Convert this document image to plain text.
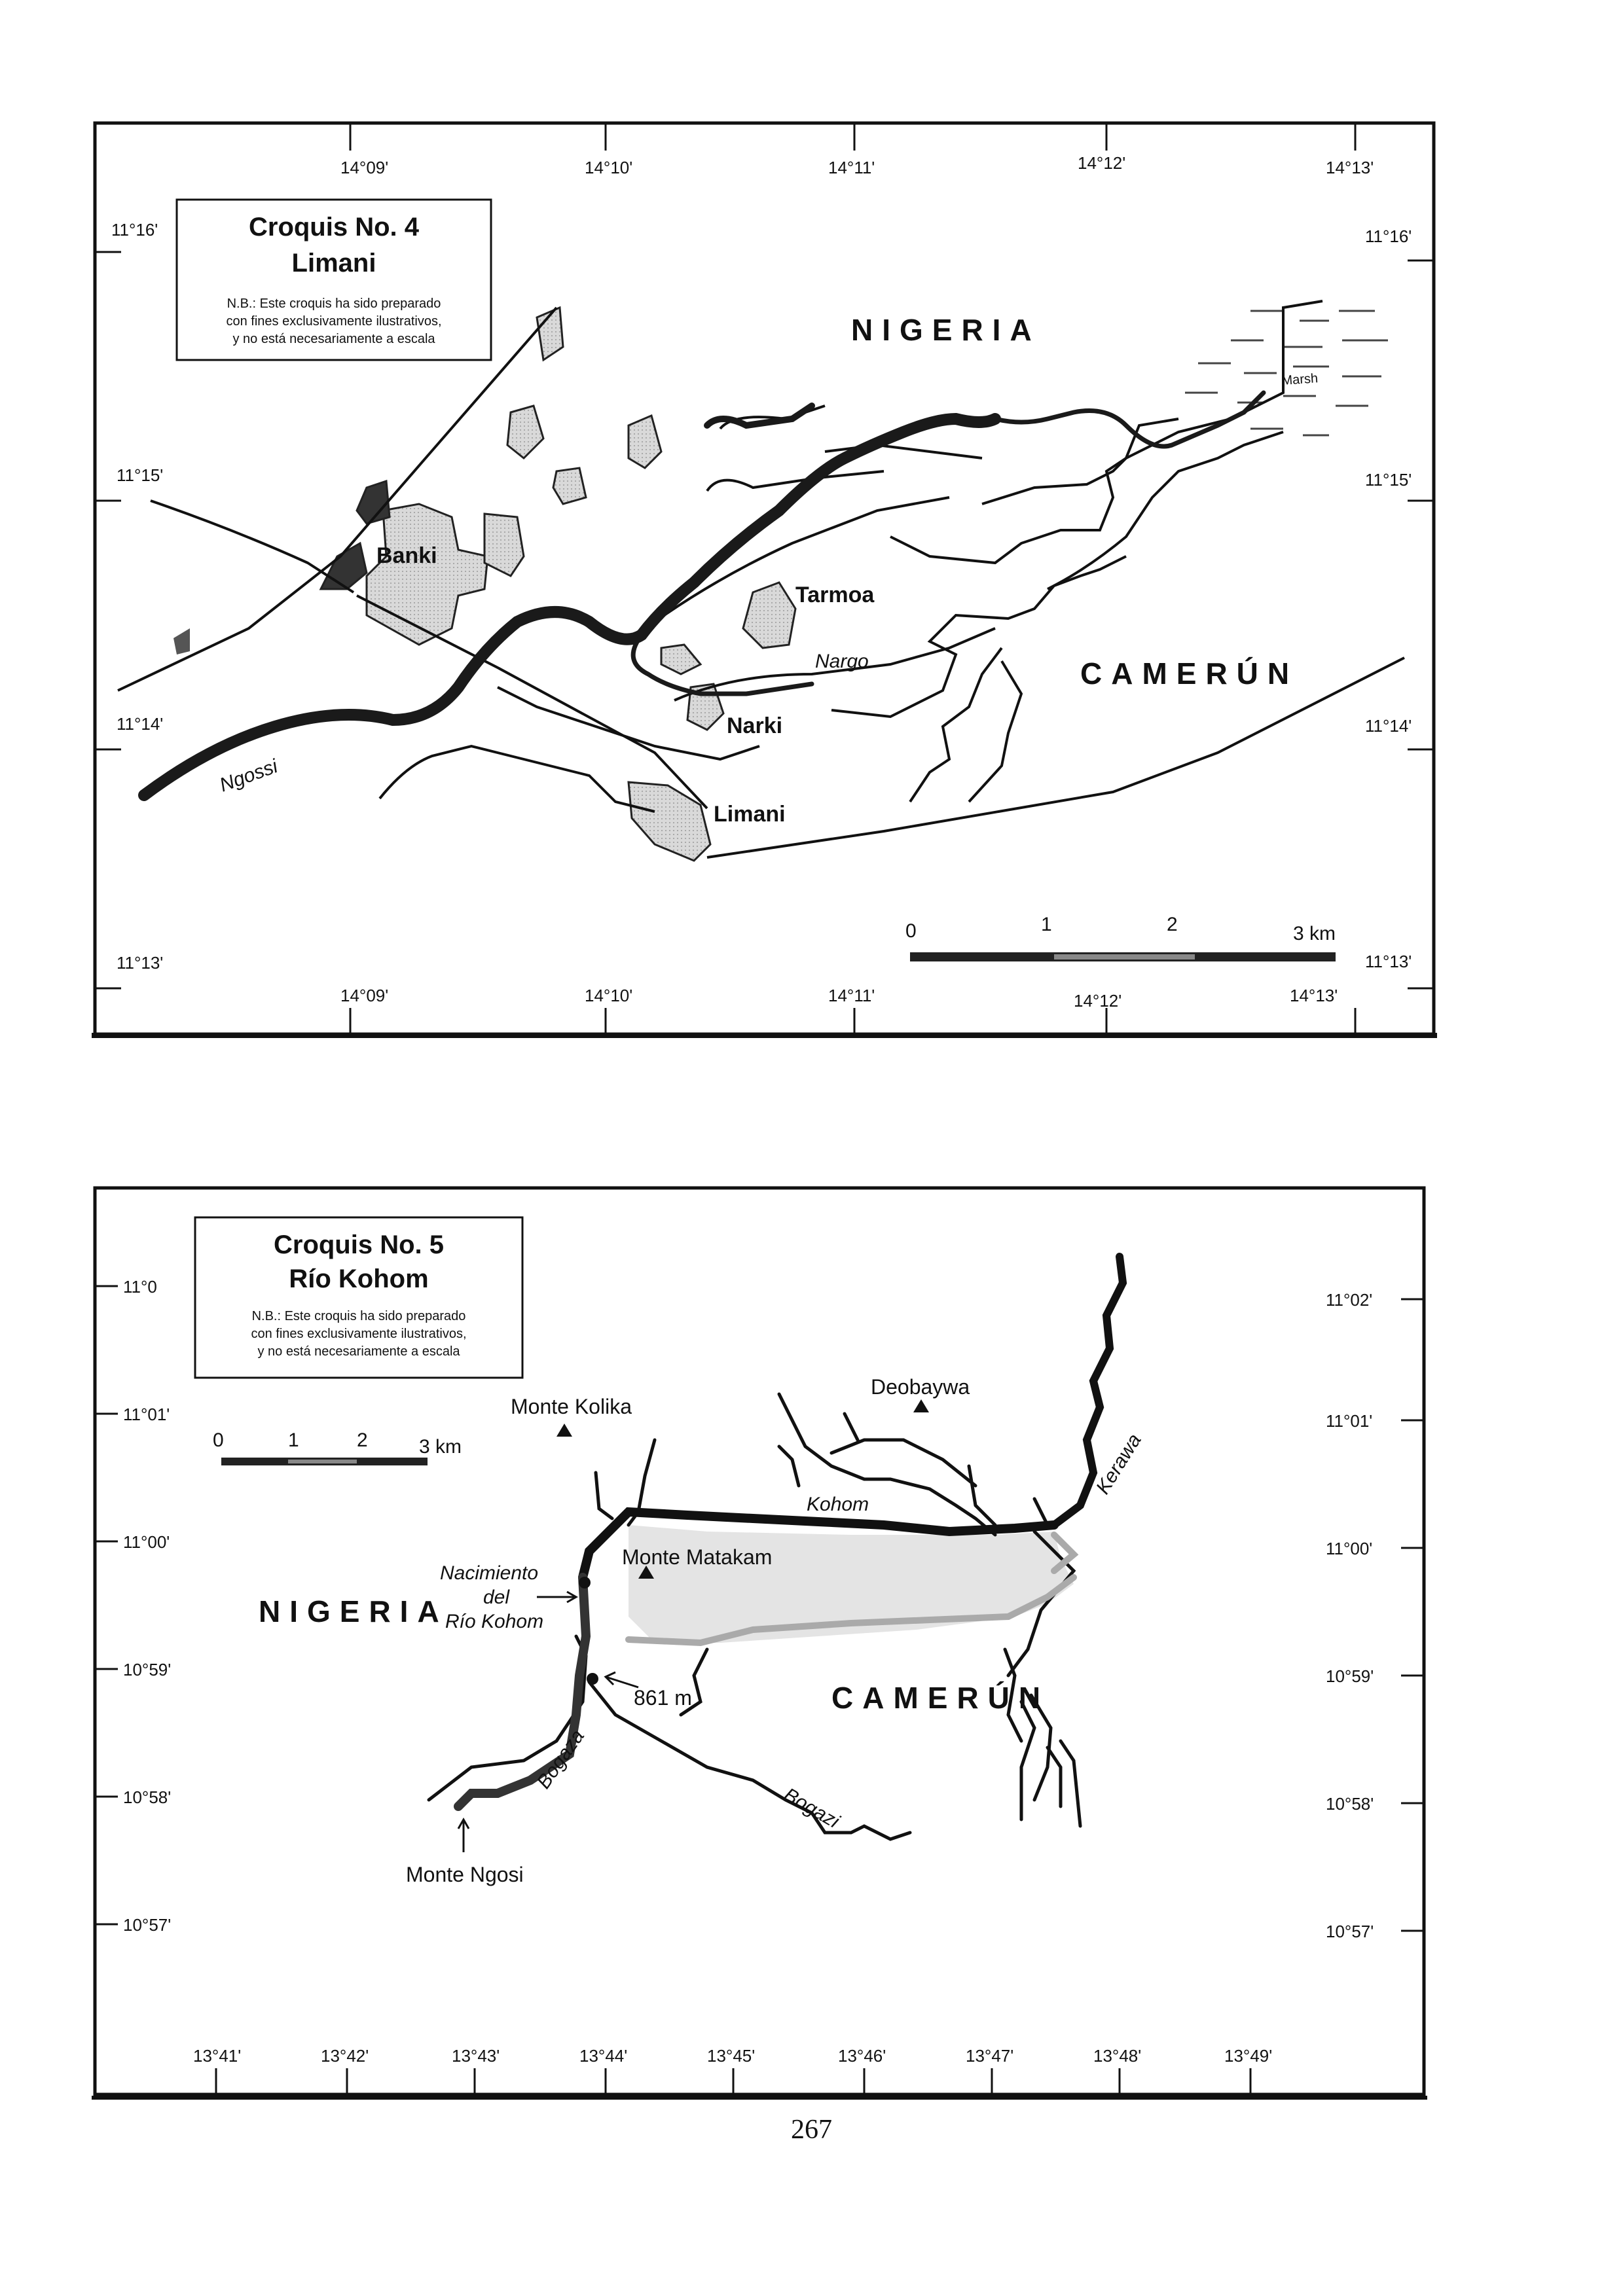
14°09'	14°10'	14°11'	14°12'	14°13'
14°09'	14°10'	14°11'	14°12'	14°13'
11°16'
11°15'
11°14'
11°13'
11°16'
11°15'
11°14'
11°13'
Croquis No. 4
Limani
N.B.: Este croquis ha sido preparado
con fines exclusivamente ilustrativos,
y no está necesariamente a escala
Marsh
NIGERIA
CAMERÚN
Banki
Tarmoa
Narki
Limani
Ngossi
Nargo
0	1	2	3 km
11°0
11°01'
11°00'
10°59'
10°58'
10°57'
11°02'
11°01'
11°00'
10°59'
10°58'
10°57'
13°41'	13°42'	13°43'	13°44'	13°45'	13°46'	13°47'	13°48'	13°49'
Croquis No. 5
Río Kohom
N.B.: Este croquis ha sido preparado
con fines exclusivamente ilustrativos,
y no está necesariamente a escala
0	1	2	3 km
NIGERIA
CAMERÚN
Monte Kolika
Deobaywa
Monte Matakam
Monte Ngosi
861 m
Nacimiento
del
Río Kohom
Kohom
Kerawa
Bogaza
Bogazi
267
